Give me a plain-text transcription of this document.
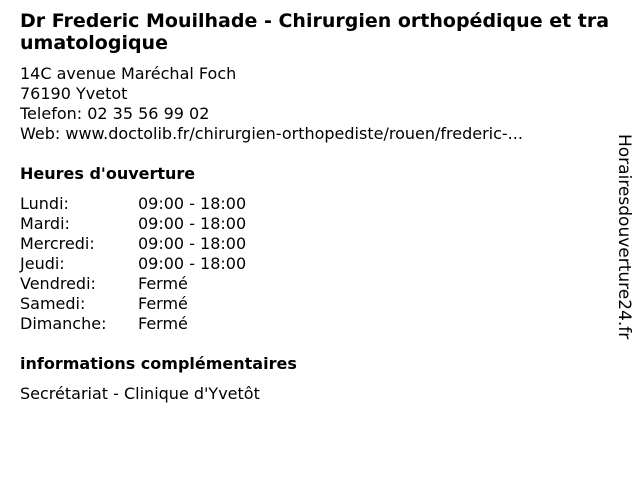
Dr Frederic Mouilhade - Chirurgien orthopédique et traumatologique
14C avenue Maréchal Foch
76190 Yvetot
Telefon: 02 35 56 99 02
Web: www.doctolib.fr/chirurgien-orthopediste/rouen/frederic-...
Heures d'ouverture
Lundi:	09:00 - 18:00
Mardi:	09:00 - 18:00
Mercredi:	09:00 - 18:00
Jeudi:	09:00 - 18:00
Vendredi:	Fermé
Samedi:	Fermé
Dimanche:	Fermé
informations complémentaires
Secrétariat - Clinique d'Yvetôt
Horairesdouverture24.fr
